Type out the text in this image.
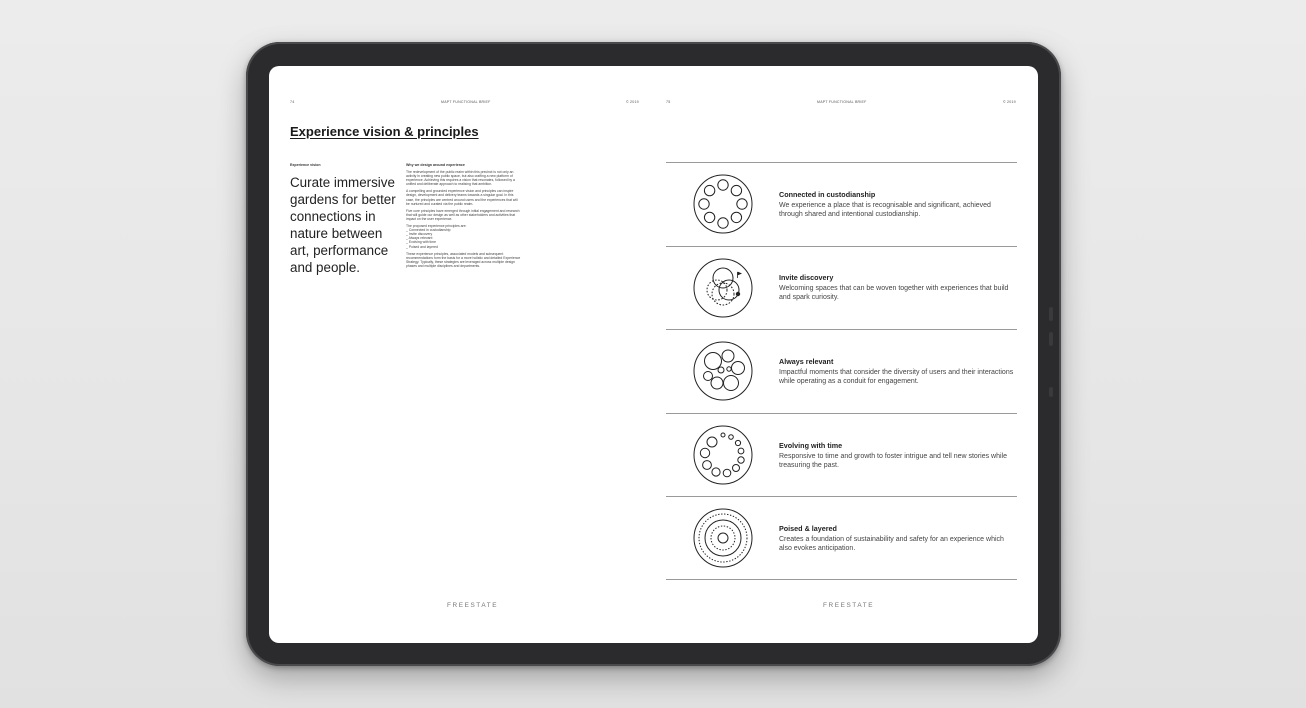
74	MAPT FUNCTIONAL BRIEF	© 2019
Experience vision & principles
Experience vision	Why we design around experience
Curate immersive gardens for better connections in nature between art, performance and people.

The redevelopment of the public realm within this precinct is not only an activity in creating new public space, but also crafting a new platform of experience. Achieving this requires a vision that resonates, followed by a unified and deliberate approach to realising that ambition.

A compelling and grounded experience vision and principles can inspire design, development and delivery teams towards a singular goal. In this case, the principles are centred around users and the experiences that will be nurtured and curated via the public realm.

Five core principles have emerged through initial engagement and research that will guide our design as well as other stakeholders and activities that impact on the user experience.

The proposed experience principles are:

_ Connected in custodianship
_ Invite discovery
_ Always relevant
_ Evolving with time
_ Poised and layered

These experience principles, associated models and subsequent recommendations form the basis for a more holistic and detailed Experience Strategy. Typically, these strategies are leveraged across multiple design phases and multiple disciplines and departments.

FREESTATE
75	MAPT FUNCTIONAL BRIEF	© 2019
Connected in custodianship
We experience a place that is recognisable and significant, achieved through shared and intentional custodianship.
Invite discovery
Welcoming spaces that can be woven together with experiences that build and spark curiosity.
Always relevant
Impactful moments that consider the diversity of users and their interactions while operating as a conduit for engagement.
Evolving with time
Responsive to time and growth to foster intrigue and tell new stories while treasuring the past.
Poised & layered
Creates a foundation of sustainability and safety for an experience which also evokes anticipation.
FREESTATE
